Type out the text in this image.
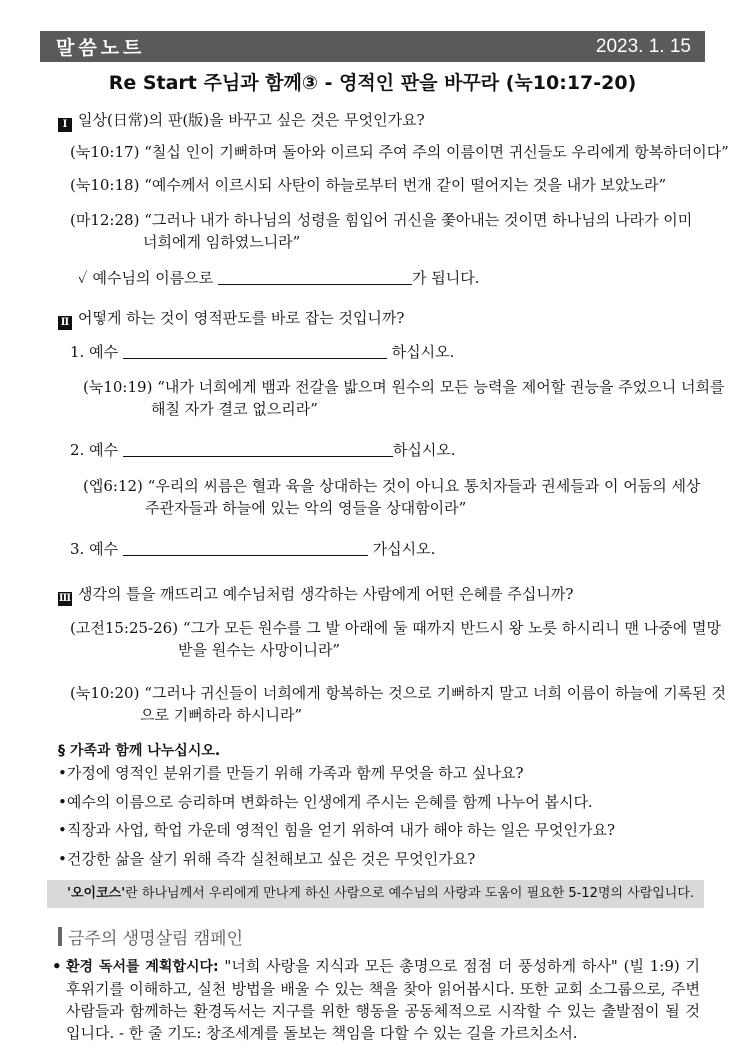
말씀노트	2023. 1. 15
Re Start 주님과 함께③ - 영적인 판을 바꾸라 (눅10:17-20)
Ⅰ 일상(日常)의 판(版)을 바꾸고 싶은 것은 무엇인가요?
(눅10:17) “칠십 인이 기뻐하며 돌아와 이르되 주여 주의 이름이면 귀신들도 우리에게 항복하더이다”
(눅10:18) “예수께서 이르시되 사탄이 하늘로부터 번개 같이 떨어지는 것을 내가 보았노라”
(마12:28) “그러나 내가 하나님의 성령을 힘입어 귀신을 쫓아내는 것이면 하나님의 나라가 이미
너희에게 임하였느니라”
✓ 예수님의 이름으로	가 됩니다.
Ⅱ 어떻게 하는 것이 영적판도를 바로 잡는 것입니까?
1. 예수	하십시오.
(눅10:19) “내가 너희에게 뱀과 전갈을 밟으며 원수의 모든 능력을 제어할 권능을 주었으니 너희를
해칠 자가 결코 없으리라”
2. 예수	하십시오.
(엡6:12) “우리의 씨름은 혈과 육을 상대하는 것이 아니요 통치자들과 권세들과 이 어둠의 세상
주관자들과 하늘에 있는 악의 영들을 상대함이라”
3. 예수	가십시오.
Ⅲ 생각의 틀을 깨뜨리고 예수님처럼 생각하는 사람에게 어떤 은혜를 주십니까?
(고전15:25-26) “그가 모든 원수를 그 발 아래에 둘 때까지 반드시 왕 노릇 하시리니 맨 나중에 멸망
받을 원수는 사망이니라”
(눅10:20) “그러나 귀신들이 너희에게 항복하는 것으로 기뻐하지 말고 너희 이름이 하늘에 기록된 것
으로 기뻐하라 하시니라”
§ 가족과 함께 나누십시오.
•가정에 영적인 분위기를 만들기 위해 가족과 함께 무엇을 하고 싶나요?
•예수의 이름으로 승리하며 변화하는 인생에게 주시는 은혜를 함께 나누어 봅시다.
•직장과 사업, 학업 가운데 영적인 힘을 얻기 위하여 내가 해야 하는 일은 무엇인가요?
•건강한 삶을 살기 위해 즉각 실천해보고 싶은 것은 무엇인가요?
'오이코스'란 하나님께서 우리에게 만나게 하신 사람으로 예수님의 사랑과 도움이 필요한 5-12명의 사람입니다.
금주의 생명살림 캠페인
• 환경 독서를 계획합시다: "너희 사랑을 지식과 모든 총명으로 점점 더 풍성하게 하사" (빌 1:9) 기후위기를 이해하고, 실천 방법을 배울 수 있는 책을 찾아 읽어봅시다. 또한 교회 소그룹으로, 주변 사람들과 함께하는 환경독서는 지구를 위한 행동을 공동체적으로 시작할 수 있는 출발점이 될 것입니다. - 한 줄 기도: 창조세계를 돌보는 책임을 다할 수 있는 길을 가르치소서.
